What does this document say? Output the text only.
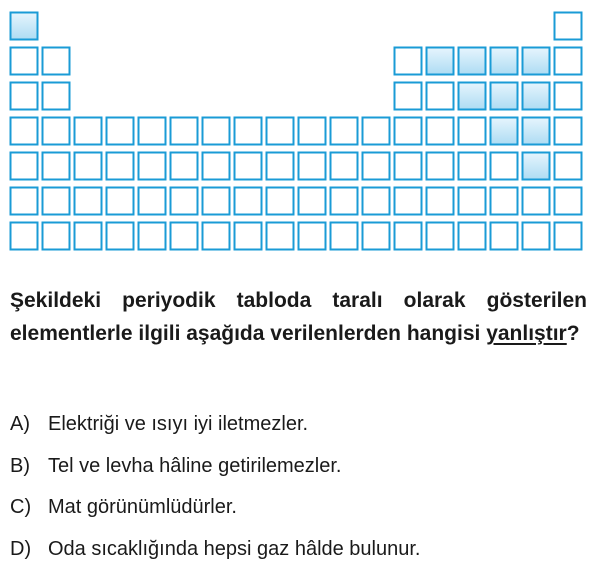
Şekildeki periyodik tabloda taralı olarak gösterilen elementlerle ilgili aşağıda verilenlerden hangisi yanlıştır?

A) Elektriği ve ısıyı iyi iletmezler.
B) Tel ve levha hâline getirilemezler.
C) Mat görünümlüdürler.
D) Oda sıcaklığında hepsi gaz hâlde bulunur.
